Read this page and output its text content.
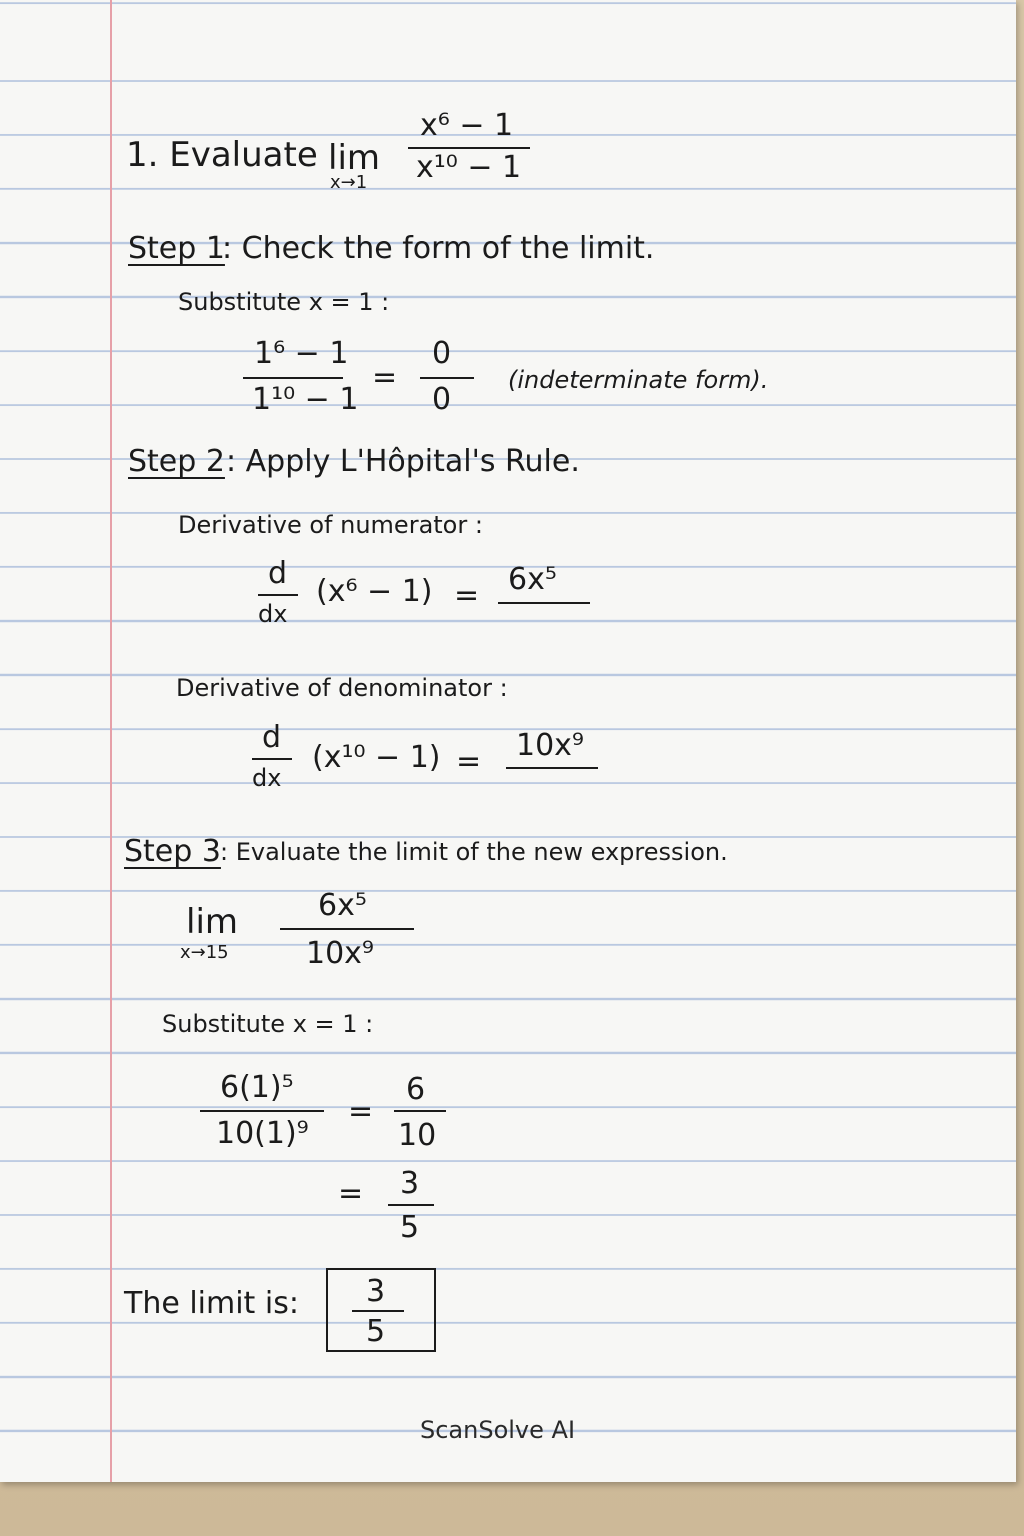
1. Evaluate lim
x→1
x⁶ − 1
x¹⁰ − 1
Step 1
: Check the form of the limit.
Substitute x = 1 :
1⁶ − 1
1¹⁰ − 1
=
0
0
(indeterminate form).
Step 2 : Apply L'Hôpital's Rule.
Derivative of numerator :
d
dx
(x⁶ − 1) = 6x⁵
Derivative of denominator :
d
dx
(x¹⁰ − 1) = 10x⁹
Step 3 : Evaluate the limit of the new expression.
lim
x→15
6x⁵
10x⁹
Substitute x = 1 :
6(1)⁵
10(1)⁹
=
6
10
= 3
5
The limit is: 3
5
ScanSolve AI
